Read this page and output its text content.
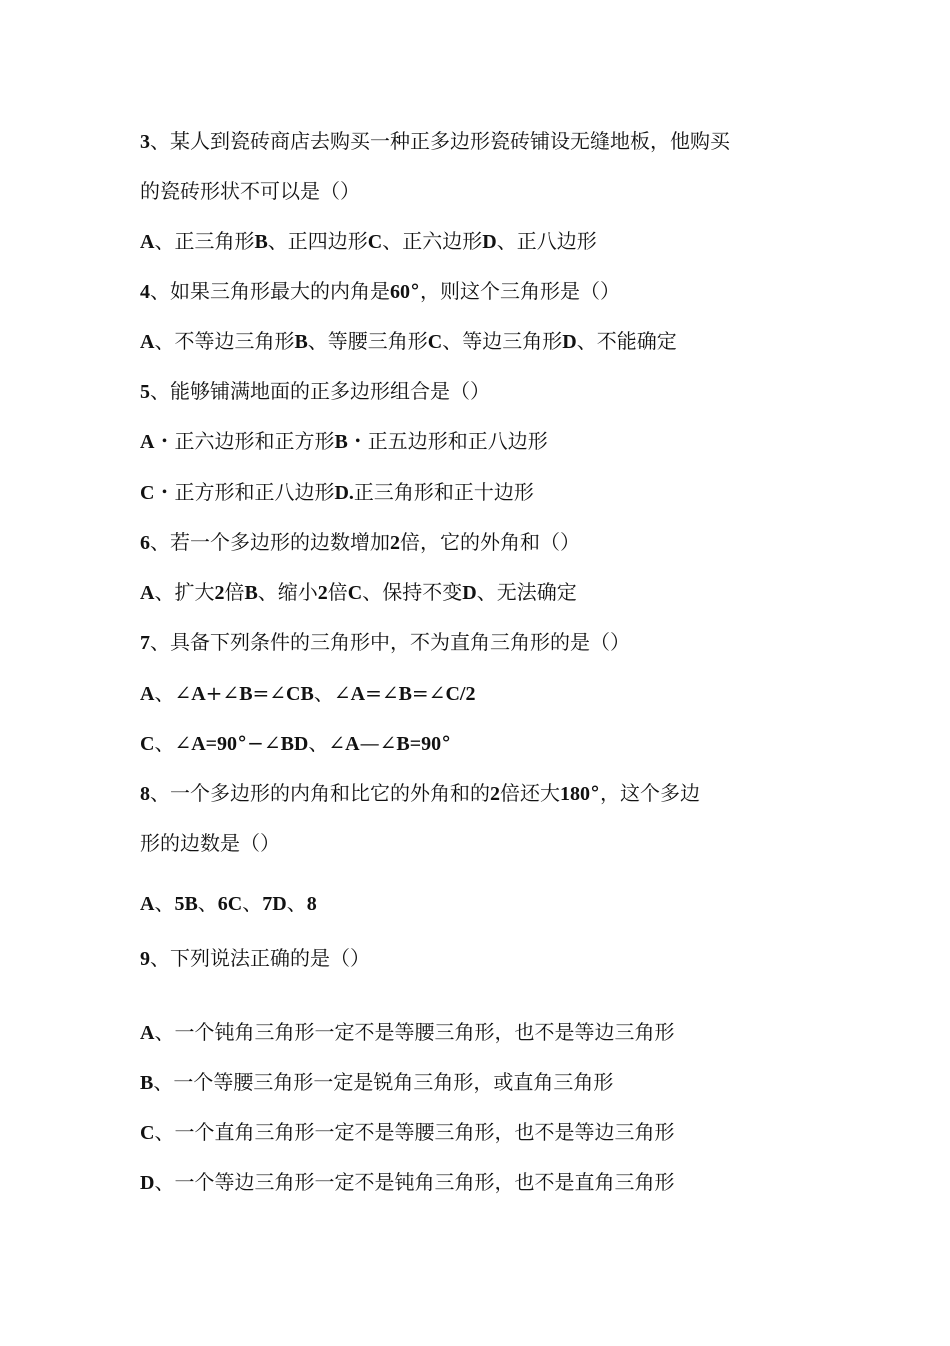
3、某人到瓷砖商店去购买一种正多边形瓷砖铺设无缝地板，他购买
的瓷砖形状不可以是（）
A、正三角形B、正四边形C、正六边形D、正八边形
4、如果三角形最大的内角是60°，则这个三角形是（）
A、不等边三角形B、等腰三角形C、等边三角形D、不能确定
5、能够铺满地面的正多边形组合是（）
A・正六边形和正方形B・正五边形和正八边形
C・正方形和正八边形D.正三角形和正十边形
6、若一个多边形的边数增加2倍，它的外角和（）
A、扩大2倍B、缩小2倍C、保持不变D、无法确定
7、具备下列条件的三角形中，不为直角三角形的是（）
A、∠A+∠B=∠CB、∠A=∠B=∠C/2
C、∠A=90°−∠BD、∠A—∠B=90°
8、一个多边形的内角和比它的外角和的2倍还大180°，这个多边
形的边数是（）
A、5B、6C、7D、8
9、下列说法正确的是（）
A、一个钝角三角形一定不是等腰三角形，也不是等边三角形
B、一个等腰三角形一定是锐角三角形，或直角三角形
C、一个直角三角形一定不是等腰三角形，也不是等边三角形
D、一个等边三角形一定不是钝角三角形，也不是直角三角形
